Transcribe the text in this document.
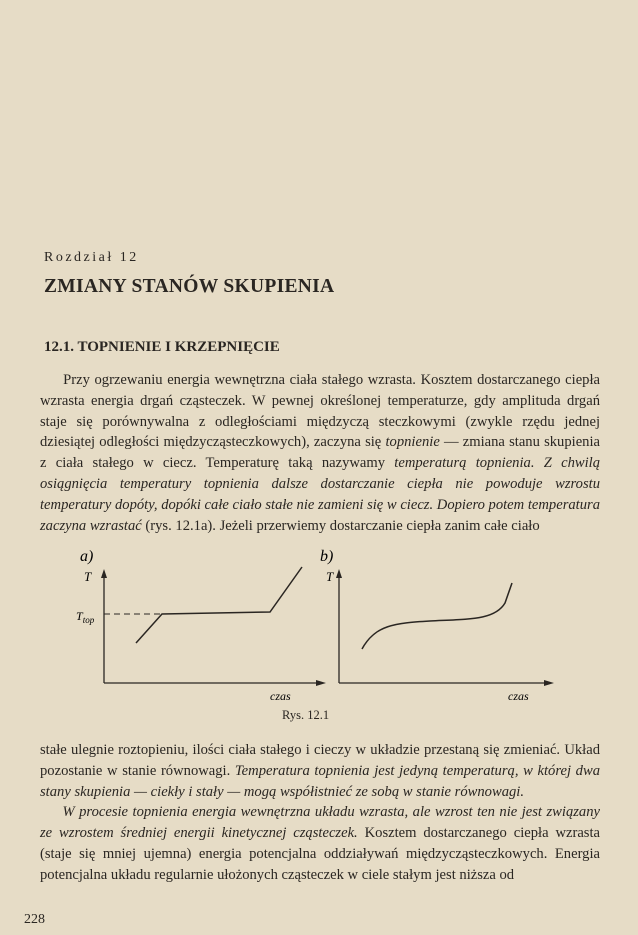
Rozdział 12
ZMIANY STANÓW SKUPIENIA
12.1. TOPNIENIE I KRZEPNIĘCIE

Przy ogrzewaniu energia wewnętrzna ciała stałego wzrasta. Kosztem dostarczanego ciepła wzrasta energia drgań cząsteczek. W pewnej określonej temperaturze, gdy amplituda drgań staje się porównywalna z odległościami międzyczą steczkowymi (zwykle rzędu jednej dziesiątej odległości międzycząsteczkowych), zaczyna się topnienie — zmiana stanu skupienia z ciała stałego w ciecz. Temperaturę taką nazywamy temperaturą topnienia. Z chwilą osiągnięcia temperatury topnienia dalsze dostarczanie ciepła nie powoduje wzrostu temperatury dopóty, dopóki całe ciało stałe nie zamieni się w ciecz. Dopiero potem temperatura zaczyna wzrastać (rys. 12.1a). Jeżeli przerwiemy dostarczanie ciepła zanim całe ciało

a)
T
$T_{top}$
czas
b)
T
czas
Rys. 12.1

stałe ulegnie roztopieniu, ilości ciała stałego i cieczy w układzie przestaną się zmieniać. Układ pozostanie w stanie równowagi. Temperatura topnienia jest jedyną temperaturą, w której dwa stany skupienia — ciekły i stały — mogą współistnieć ze sobą w stanie równowagi.

W procesie topnienia energia wewnętrzna układu wzrasta, ale wzrost ten nie jest związany ze wzrostem średniej energii kinetycznej cząsteczek. Kosztem dostarczanego ciepła wzrasta (staje się mniej ujemna) energia potencjalna oddziaływań międzycząsteczkowych. Energia potencjalna układu regularnie ułożonych cząsteczek w ciele stałym jest niższa od

228
